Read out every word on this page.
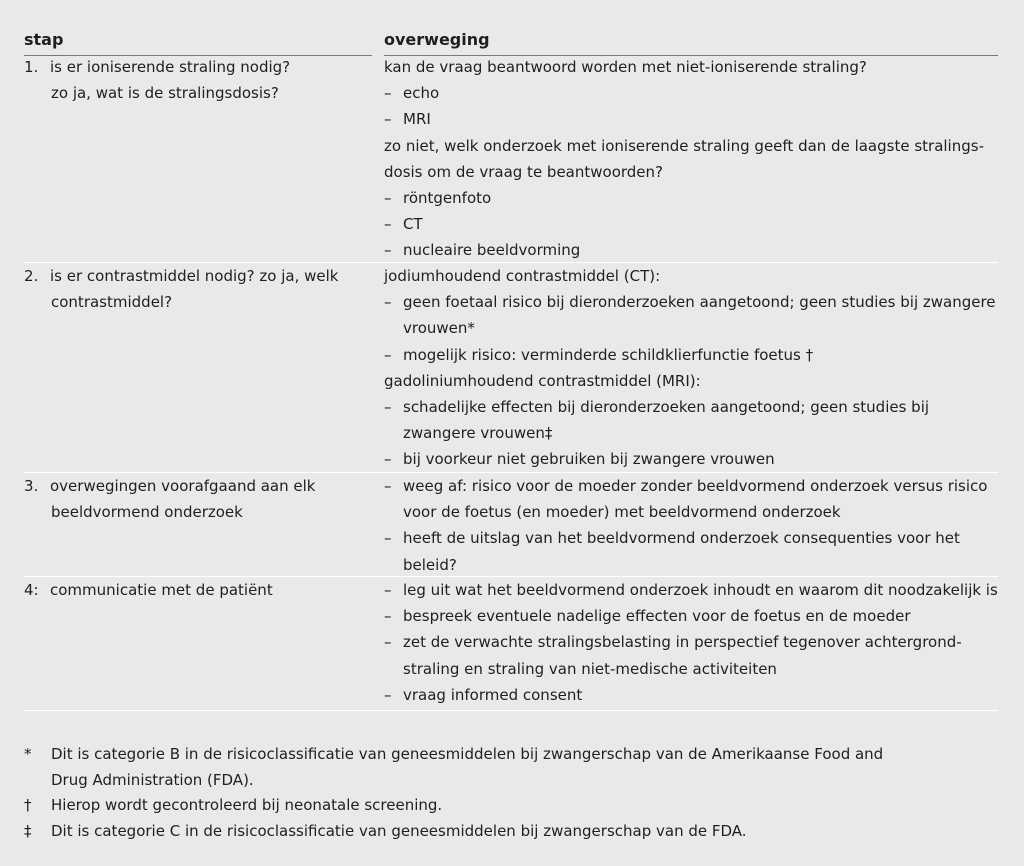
stap	overweging
1. is er ioniserende straling nodig?
zo ja, wat is de stralingsdosis?
kan de vraag beantwoord worden met niet-ioniserende straling?
– echo
– MRI
zo niet, welk onderzoek met ioniserende straling geeft dan de laagste stralings-
dosis om de vraag te beantwoorden?
– röntgenfoto
– CT
– nucleaire beeldvorming
2. is er contrastmiddel nodig? zo ja, welk
contrastmiddel?
jodiumhoudend contrastmiddel (CT):
– geen foetaal risico bij dieronderzoeken aangetoond; geen studies bij zwangere
vrouwen*
– mogelijk risico: verminderde schildklierfunctie foetus †
gadoliniumhoudend contrastmiddel (MRI):
– schadelijke effecten bij dieronderzoeken aangetoond; geen studies bij
zwangere vrouwen‡
– bij voorkeur niet gebruiken bij zwangere vrouwen
3. overwegingen voorafgaand aan elk
beeldvormend onderzoek
– weeg af: risico voor de moeder zonder beeldvormend onderzoek versus risico
voor de foetus (en moeder) met beeldvormend onderzoek
– heeft de uitslag van het beeldvormend onderzoek consequenties voor het
beleid?
4: communicatie met de patiënt	– leg uit wat het beeldvormend onderzoek inhoudt en waarom dit noodzakelijk is
– bespreek eventuele nadelige effecten voor de foetus en de moeder
– zet de verwachte stralingsbelasting in perspectief tegenover achtergrond-
straling en straling van niet-medische activiteiten
– vraag informed consent
* Dit is categorie B in de risicoclassificatie van geneesmiddelen bij zwangerschap van de Amerikaanse Food and
Drug Administration (FDA).
† Hierop wordt gecontroleerd bij neonatale screening.
‡ Dit is categorie C in de risicoclassificatie van geneesmiddelen bij zwangerschap van de FDA.
